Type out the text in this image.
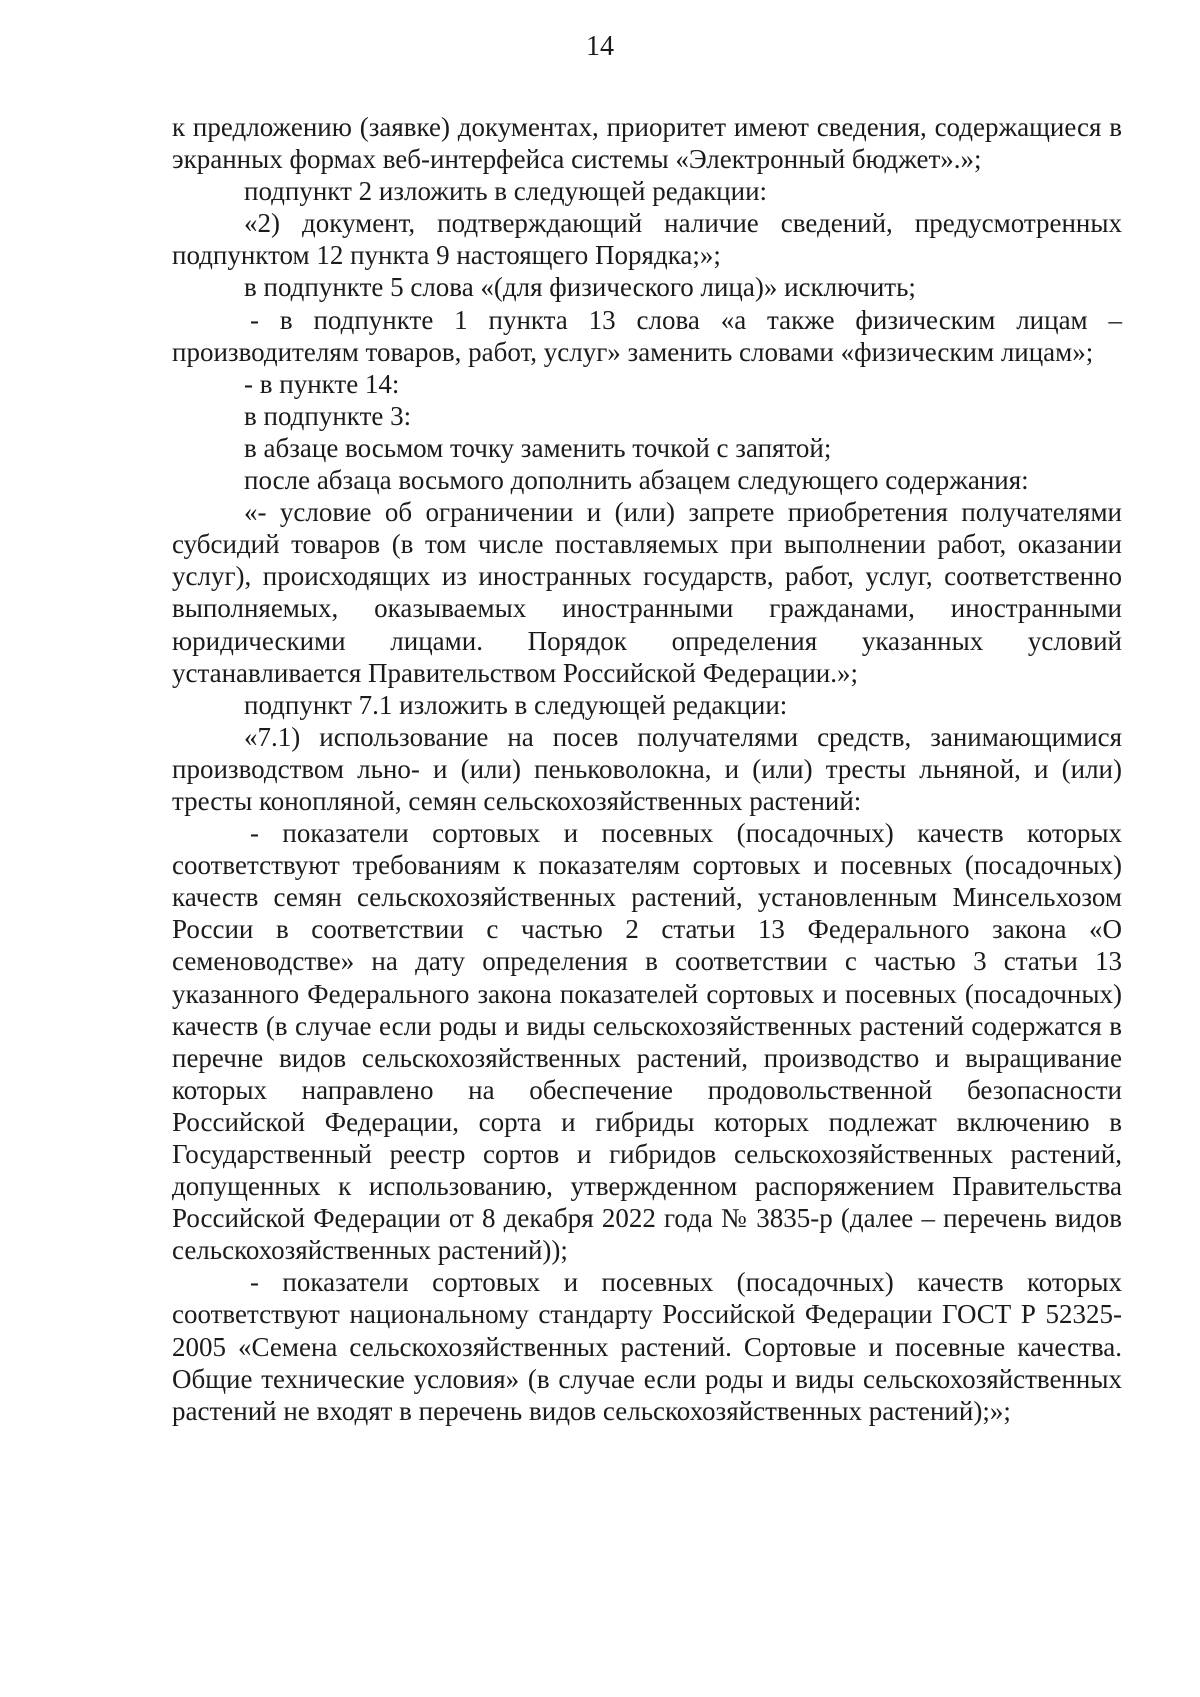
14

к предложению (заявке) документах, приоритет имеют сведения, содержащиеся в экранных формах веб-интерфейса системы «Электронный бюджет».»;

подпункт 2 изложить в следующей редакции:

«2) документ, подтверждающий наличие сведений, предусмотренных подпунктом 12 пункта 9 настоящего Порядка;»;

в подпункте 5 слова «(для физического лица)» исключить;

- в подпункте 1 пункта 13 слова «а также физическим лицам – производителям товаров, работ, услуг» заменить словами «физическим лицам»;

- в пункте 14:

в подпункте 3:

в абзаце восьмом точку заменить точкой с запятой;

после абзаца восьмого дополнить абзацем следующего содержания:

«- условие об ограничении и (или) запрете приобретения получателями субсидий товаров (в том числе поставляемых при выполнении работ, оказании услуг), происходящих из иностранных государств, работ, услуг, соответственно выполняемых, оказываемых иностранными гражданами, иностранными юридическими лицами. Порядок определения указанных условий устанавливается Правительством Российской Федерации.»;

подпункт 7.1 изложить в следующей редакции:

«7.1) использование на посев получателями средств, занимающимися производством льно- и (или) пеньковолокна, и (или) тресты льняной, и (или) тресты конопляной, семян сельскохозяйственных растений:

- показатели сортовых и посевных (посадочных) качеств которых соответствуют требованиям к показателям сортовых и посевных (посадочных) качеств семян сельскохозяйственных растений, установленным Минсельхозом России в соответствии с частью 2 статьи 13 Федерального закона «О семеноводстве» на дату определения в соответствии с частью 3 статьи 13 указанного Федерального закона показателей сортовых и посевных (посадочных) качеств (в случае если роды и виды сельскохозяйственных растений содержатся в перечне видов сельскохозяйственных растений, производство и выращивание которых направлено на обеспечение продовольственной безопасности Российской Федерации, сорта и гибриды которых подлежат включению в Государственный реестр сортов и гибридов сельскохозяйственных растений, допущенных к использованию, утвержденном распоряжением Правительства Российской Федерации от 8 декабря 2022 года № 3835-р (далее – перечень видов сельскохозяйственных растений));

- показатели сортовых и посевных (посадочных) качеств которых соответствуют национальному стандарту Российской Федерации ГОСТ Р 52325-2005 «Семена сельскохозяйственных растений. Сортовые и посевные качества. Общие технические условия» (в случае если роды и виды сельскохозяйственных растений не входят в перечень видов сельскохозяйственных растений);»;
